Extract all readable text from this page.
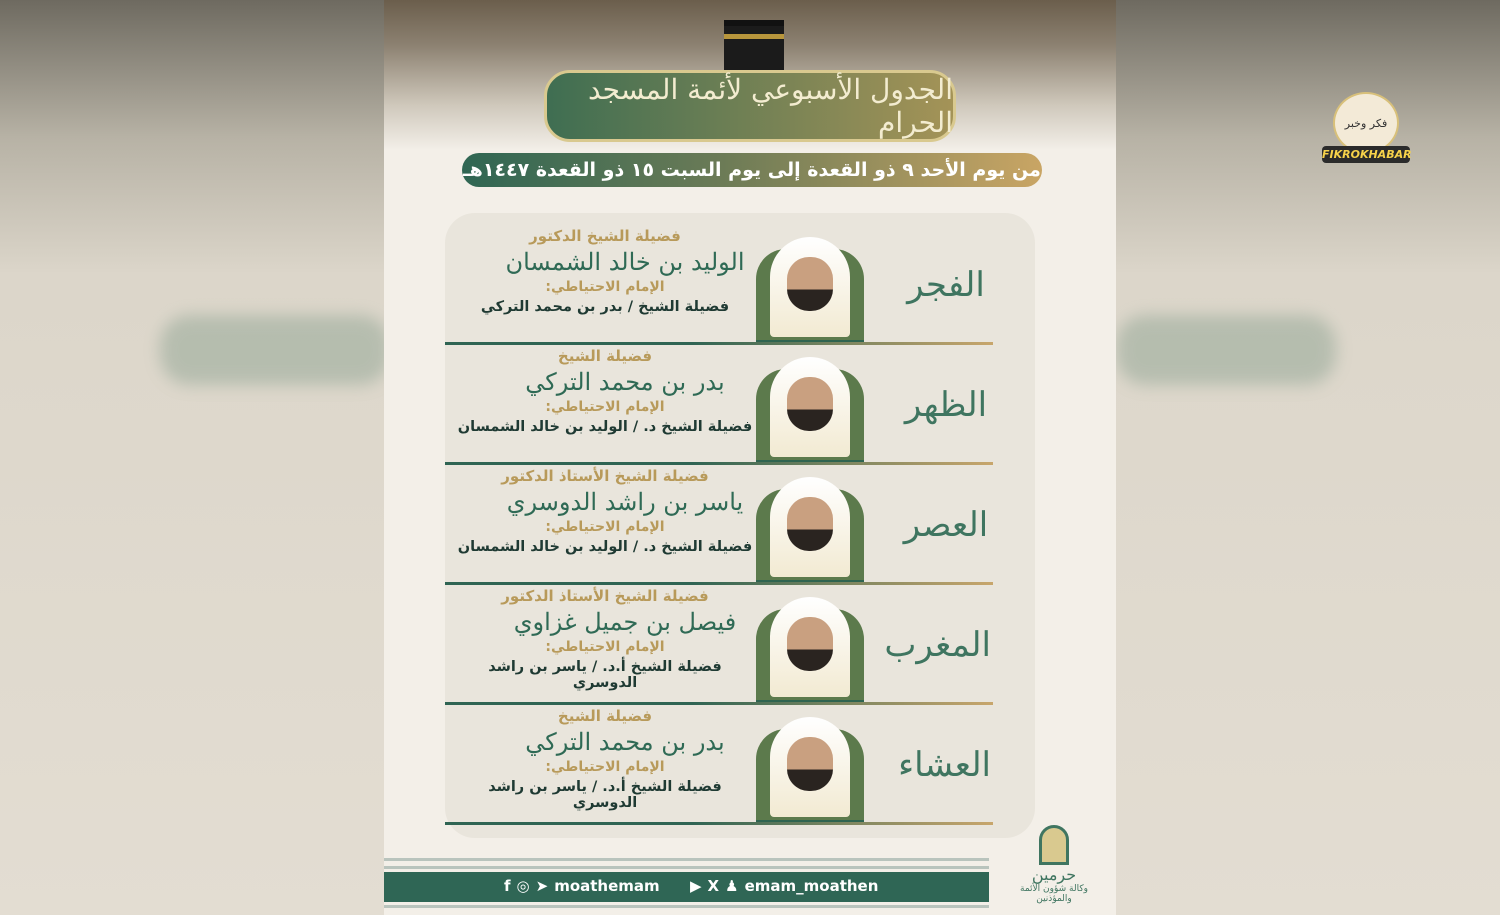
الجدول الأسبوعي لأئمة المسجد الحرام
من يوم الأحد ٩ ذو القعدة إلى يوم السبت ١٥ ذو القعدة ١٤٤٧هـ
الفجر
فضيلة الشيخ الدكتور
الوليد بن خالد الشمسان
الإمام الاحتياطي:
فضيلة الشيخ / بدر بن محمد التركي
الظهر
فضيلة الشيخ
بدر بن محمد التركي
الإمام الاحتياطي:
فضيلة الشيخ د. / الوليد بن خالد الشمسان
العصر
فضيلة الشيخ الأستاذ الدكتور
ياسر بن راشد الدوسري
الإمام الاحتياطي:
فضيلة الشيخ د. / الوليد بن خالد الشمسان
المغرب
فضيلة الشيخ الأستاذ الدكتور
فيصل بن جميل غزاوي
الإمام الاحتياطي:
فضيلة الشيخ أ.د. / ياسر بن راشد الدوسري
العشاء
فضيلة الشيخ
بدر بن محمد التركي
الإمام الاحتياطي:
فضيلة الشيخ أ.د. / ياسر بن راشد الدوسري
f ◎ ➤ moathemam ▶ X ♟ emam_moathen
حرمين
وكالة شؤون الأئمة والمؤذنين
فكر وخبر
FIKROKHABAR
